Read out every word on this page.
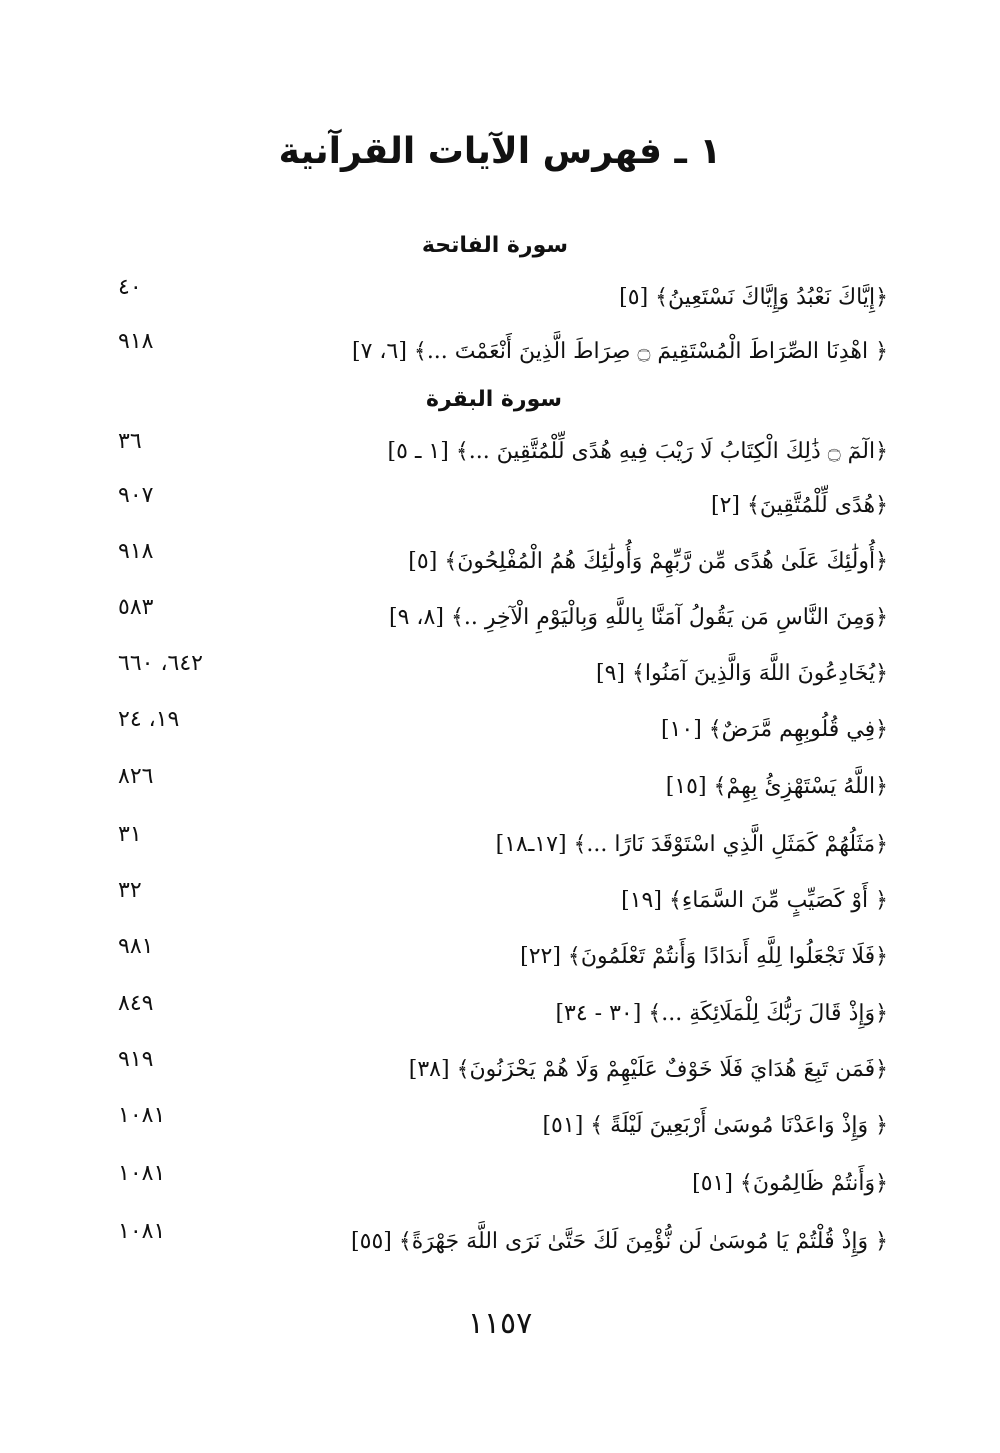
١ ـ فهرس الآيات القرآنية
سورة الفاتحة
﴿إِيَّاكَ نَعْبُدُ وَإِيَّاكَ نَسْتَعِينُ﴾ [٥]
٤٠
﴿ اهْدِنَا الصِّرَاطَ الْمُسْتَقِيمَ ۝ صِرَاطَ الَّذِينَ أَنْعَمْتَ ...﴾ [٦، ٧]
٩١٨
سورة البقرة
﴿الٓمٓ ۝ ذَٰلِكَ الْكِتَابُ لَا رَيْبَ فِيهِ هُدًى لِّلْمُتَّقِينَ ...﴾ [١ ـ ٥]
٣٦
﴿هُدًى لِّلْمُتَّقِينَ﴾ [٢]
٩٠٧
﴿أُولَٰئِكَ عَلَىٰ هُدًى مِّن رَّبِّهِمْ وَأُولَٰئِكَ هُمُ الْمُفْلِحُونَ﴾ [٥]
٩١٨
﴿وَمِنَ النَّاسِ مَن يَقُولُ آمَنَّا بِاللَّهِ وَبِالْيَوْمِ الْآخِرِ ..﴾ [٨، ٩]
٥٨٣
﴿يُخَادِعُونَ اللَّهَ وَالَّذِينَ آمَنُوا﴾ [٩]
٦٤٢، ٦٦٠
﴿فِي قُلُوبِهِم مَّرَضٌ﴾ [١٠]
١٩، ٢٤
﴿اللَّهُ يَسْتَهْزِئُ بِهِمْ﴾ [١٥]
٨٢٦
﴿مَثَلُهُمْ كَمَثَلِ الَّذِي اسْتَوْقَدَ نَارًا ...﴾ [١٧ـ١٨]
٣١
﴿ أَوْ كَصَيِّبٍ مِّنَ السَّمَاءِ﴾ [١٩]
٣٢
﴿فَلَا تَجْعَلُوا لِلَّهِ أَندَادًا وَأَنتُمْ تَعْلَمُونَ﴾ [٢٢]
٩٨١
﴿وَإِذْ قَالَ رَبُّكَ لِلْمَلَائِكَةِ ...﴾ [٣٠ - ٣٤]
٨٤٩
﴿فَمَن تَبِعَ هُدَايَ فَلَا خَوْفٌ عَلَيْهِمْ وَلَا هُمْ يَحْزَنُونَ﴾ [٣٨]
٩١٩
﴿ وَإِذْ وَاعَدْنَا مُوسَىٰ أَرْبَعِينَ لَيْلَةً ﴾ [٥١]
١٠٨١
﴿وَأَنتُمْ ظَالِمُونَ﴾ [٥١]
١٠٨١
﴿ وَإِذْ قُلْتُمْ يَا مُوسَىٰ لَن نُّؤْمِنَ لَكَ حَتَّىٰ نَرَى اللَّهَ جَهْرَةً﴾ [٥٥]
١٠٨١
١١٥٧
